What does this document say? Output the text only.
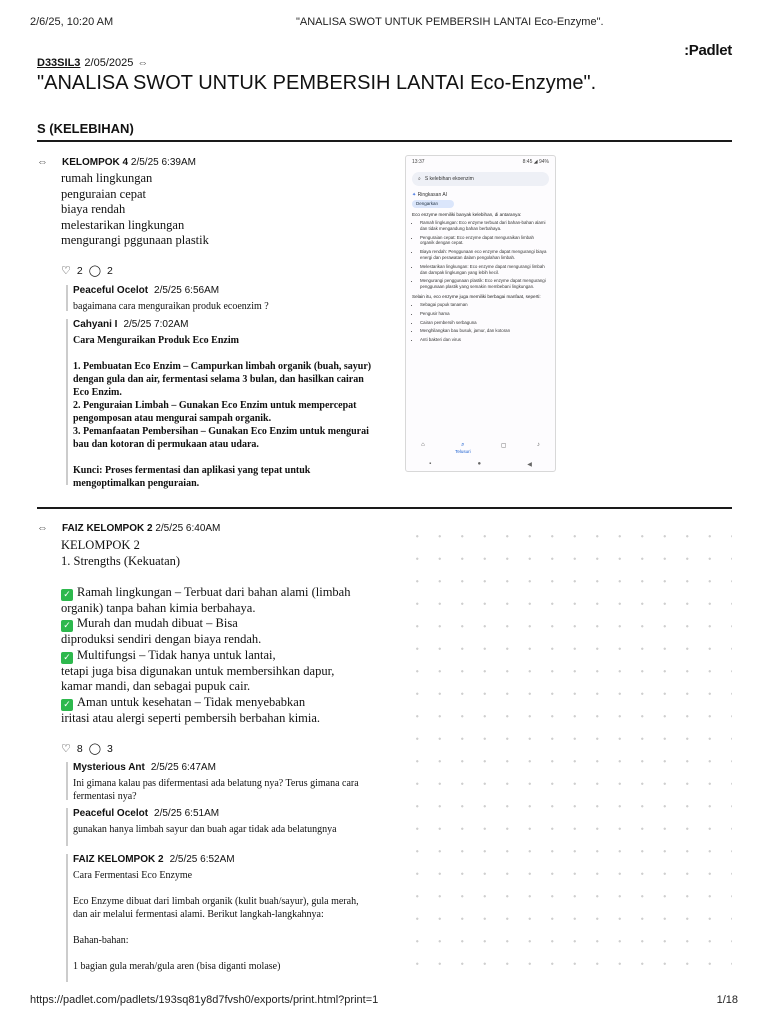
2/6/25, 10:20 AM	"ANALISA SWOT UNTUK PEMBERSIH LANTAI Eco-Enzyme".
:Padlet
D33SIL3 2/05/2025 ⇔
"ANALISA SWOT UNTUK PEMBERSIH LANTAI Eco-Enzyme".
S (KELEBIHAN)
⇔ KELOMPOK 4 2/5/25 6:39AM
rumah lingkungan
penguraian cepat
biaya rendah
melestarikan lingkungan
mengurangi pggunaan plastik
♡ 2 ◯ 2
Peaceful Ocelot 2/5/25 6:56AM
bagaimana cara menguraikan produk ecoenzim ?
Cahyani I 2/5/25 7:02AM
Cara Menguraikan Produk Eco Enzim
1. Pembuatan Eco Enzim – Campurkan limbah organik (buah, sayur) dengan gula dan air, fermentasi selama 3 bulan, dan hasilkan cairan Eco Enzim.
2. Penguraian Limbah – Gunakan Eco Enzim untuk mempercepat pengomposan atau mengurai sampah organik.
3. Pemanfaatan Pembersihan – Gunakan Eco Enzim untuk mengurai bau dan kotoran di permukaan atau udara.
Kunci: Proses fermentasi dan aplikasi yang tepat untuk mengoptimalkan penguraian.
13:37	8:45 ◢ 94%
⌕ S kelebihan ekoenzim
✦ Ringkasan AI
Dengarkan
Eco enzyme memiliki banyak kelebihan, di antaranya:
• Ramah lingkungan: Eco enzyme terbuat dari bahan-bahan alami dan tidak mengandung bahan berbahaya.
• Penguraian cepat: Eco enzyme dapat menguraikan limbah organik dengan cepat.
• Biaya rendah: Penggunaan eco enzyme dapat mengurangi biaya energi dan perawatan dalam pengolahan limbah.
• Melestarikan lingkungan: Eco enzyme dapat mengurangi limbah dan dampak lingkungan yang lebih kecil.
• Mengurangi penggunaan plastik: Eco enzyme dapat mengurangi penggunaan plastik yang semakin membebani lingkungan.
Selain itu, eco enzyme juga memiliki berbagai manfaat, seperti:
• Sebagai pupuk tanaman
• Pengusir hama
• Cairan pembersih serbaguna
• Menghilangkan bau busuk, jamur, dan kotoran
• Anti bakteri dan virus
⌂	⌕
Telusuri
▢	♪
▪	●	◀
⇔ FAIZ KELOMPOK 2 2/5/25 6:40AM
KELOMPOK 2
1. Strengths (Kekuatan)
✓ Ramah lingkungan – Terbuat dari bahan alami (limbah organik) tanpa bahan kimia berbahaya.
✓ Murah dan mudah dibuat – Bisa
diproduksi sendiri dengan biaya rendah.
✓ Multifungsi – Tidak hanya untuk lantai,
tetapi juga bisa digunakan untuk membersihkan dapur, kamar mandi, dan sebagai pupuk cair.
✓ Aman untuk kesehatan – Tidak menyebabkan
iritasi atau alergi seperti pembersih berbahan kimia.
♡ 8 ◯ 3
Mysterious Ant 2/5/25 6:47AM
Ini gimana kalau pas difermentasi ada belatung nya? Terus gimana cara fermentasi nya?
Peaceful Ocelot 2/5/25 6:51AM
gunakan hanya limbah sayur dan buah agar tidak ada belatungnya
FAIZ KELOMPOK 2 2/5/25 6:52AM
Cara Fermentasi Eco Enzyme

Eco Enzyme dibuat dari limbah organik (kulit buah/sayur), gula merah, dan air melalui fermentasi alami. Berikut langkah-langkahnya:

Bahan-bahan:

1 bagian gula merah/gula aren (bisa diganti molase)
https://padlet.com/padlets/193sq81y8d7fvsh0/exports/print.html?print=1	1/18
